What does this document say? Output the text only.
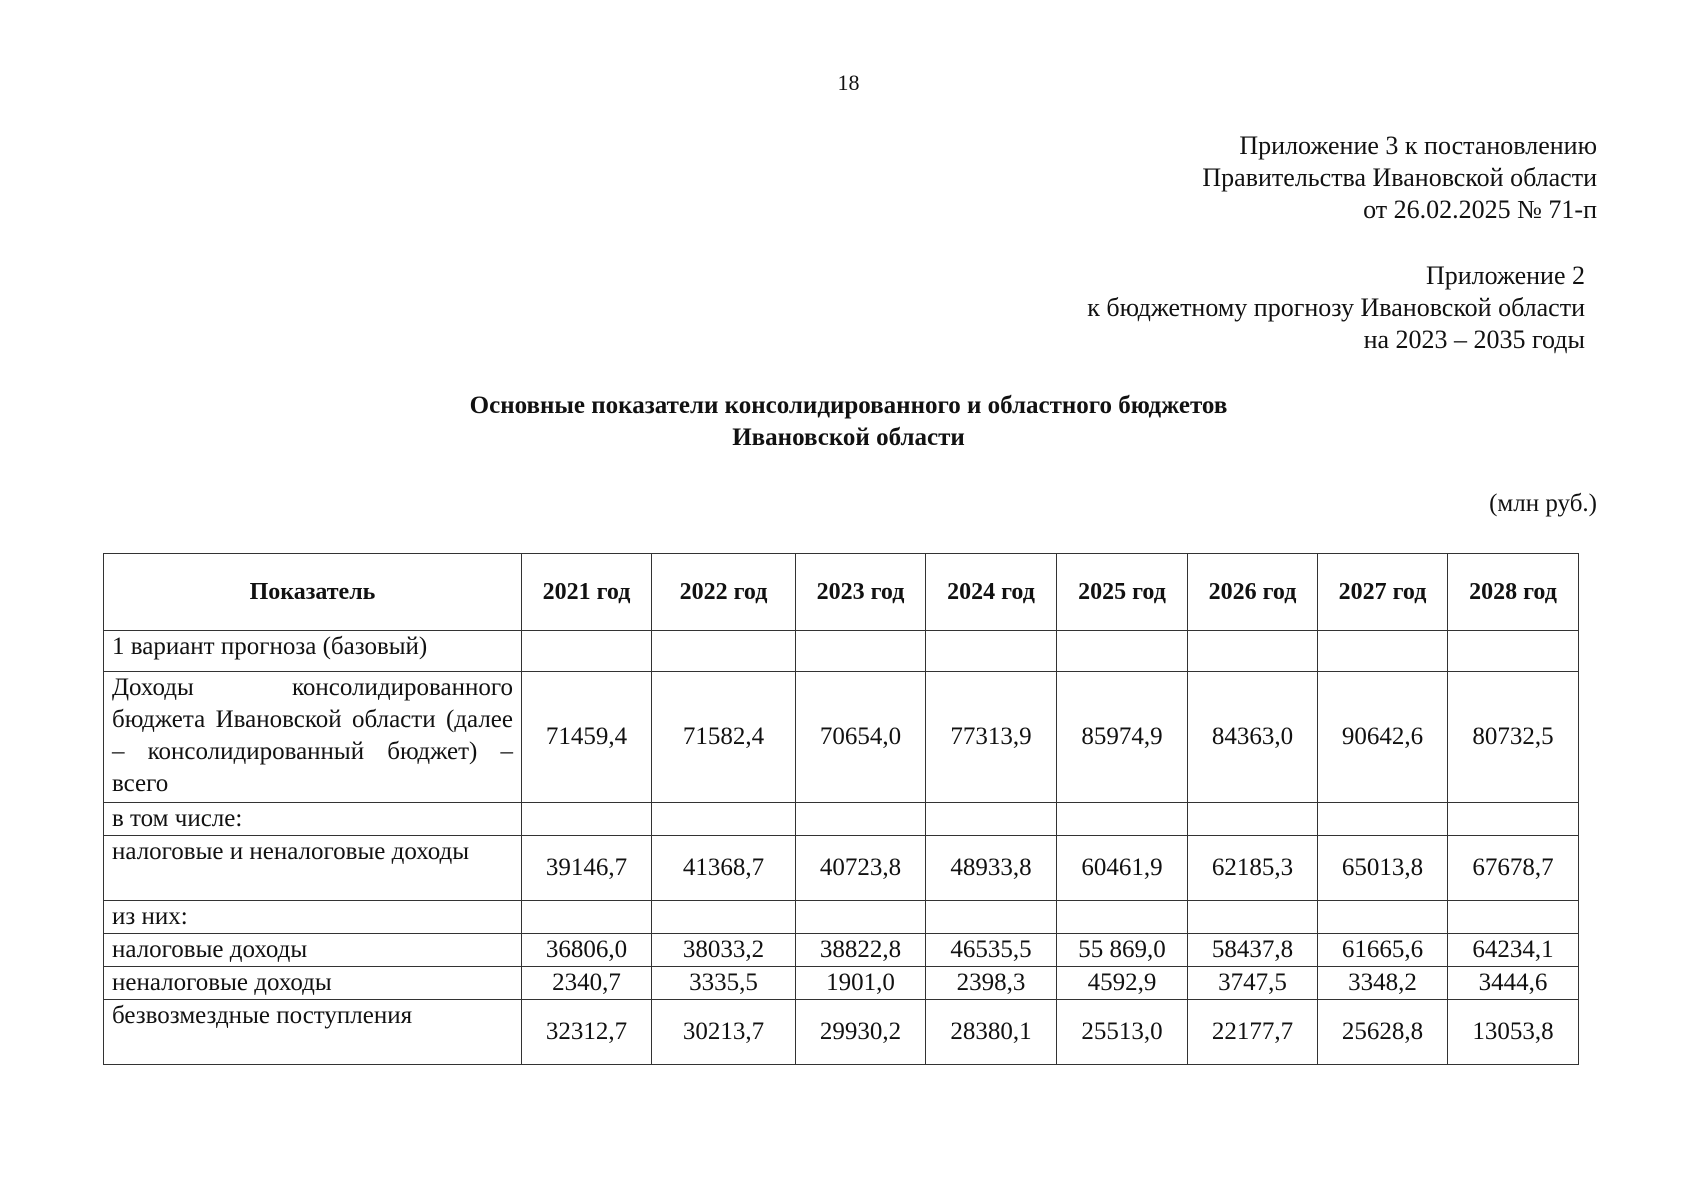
18
Приложение 3 к постановлению
Правительства Ивановской области
от 26.02.2025 № 71-п
Приложение 2
к бюджетному прогнозу Ивановской области
на 2023 – 2035 годы
Основные показатели консолидированного и областного бюджетов
Ивановской области
(млн руб.)
Показатель	2021 год	2022 год	2023 год	2024 год	2025 год	2026 год	2027 год	2028 год

1 вариант прогноза (базовый)								

Доходы консолидированного бюджета Ивановской области (далее – консолидированный бюджет) – всего	71459,4	71582,4	70654,0	77313,9	85974,9	84363,0	90642,6	80732,5

в том числе:								

налоговые и неналоговые доходы	39146,7	41368,7	40723,8	48933,8	60461,9	62185,3	65013,8	67678,7

из них:								

налоговые доходы	36806,0	38033,2	38822,8	46535,5	55 869,0	58437,8	61665,6	64234,1

неналоговые доходы	2340,7	3335,5	1901,0	2398,3	4592,9	3747,5	3348,2	3444,6

безвозмездные поступления	32312,7	30213,7	29930,2	28380,1	25513,0	22177,7	25628,8	13053,8
